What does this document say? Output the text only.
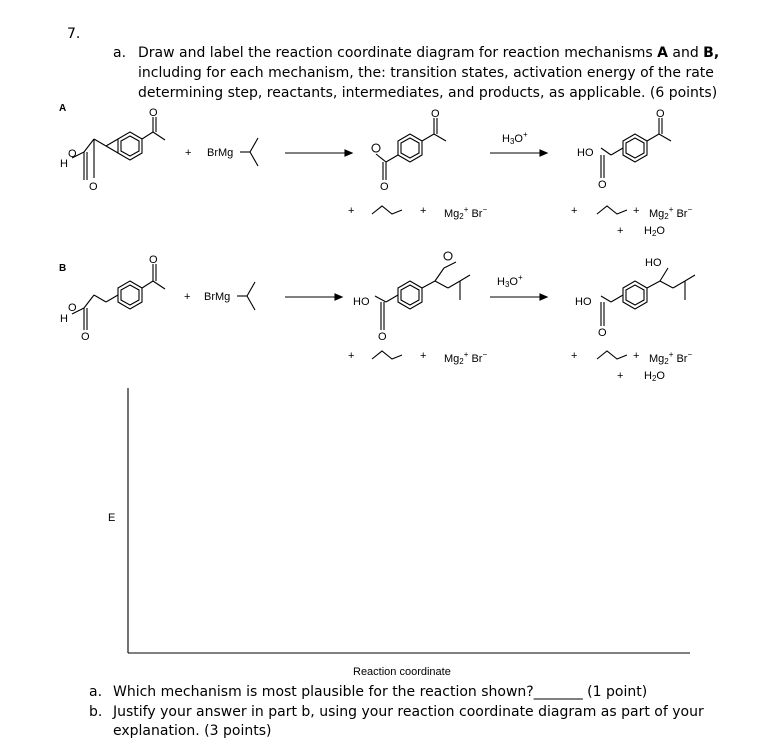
7.
a. Draw and label the reaction coordinate diagram for reaction mechanisms A and B,
including for each mechanism, the: transition states, activation energy of the rate
determining step, reactants, intermediates, and products, as applicable. (6 points)
O
O
O
O
O
O
O
O	O	O
A
H
O	+ BrMg
$H_3O^+$
HO
+	+ $Mg_2^+$ Br−	+	+ $Mg_2^+$ Br−
+ $H_2O$
B
H
O
+ BrMg	HO
$H_3O^+$
HO
HO
+	+ $Mg_2^+$ Br−	+	+ $Mg_2^+$ Br−
+ $H_2O$
E
Reaction coordinate
a. Which mechanism is most plausible for the reaction shown?_______ (1 point)
b. Justify your answer in part b, using your reaction coordinate diagram as part of your
explanation. (3 points)
